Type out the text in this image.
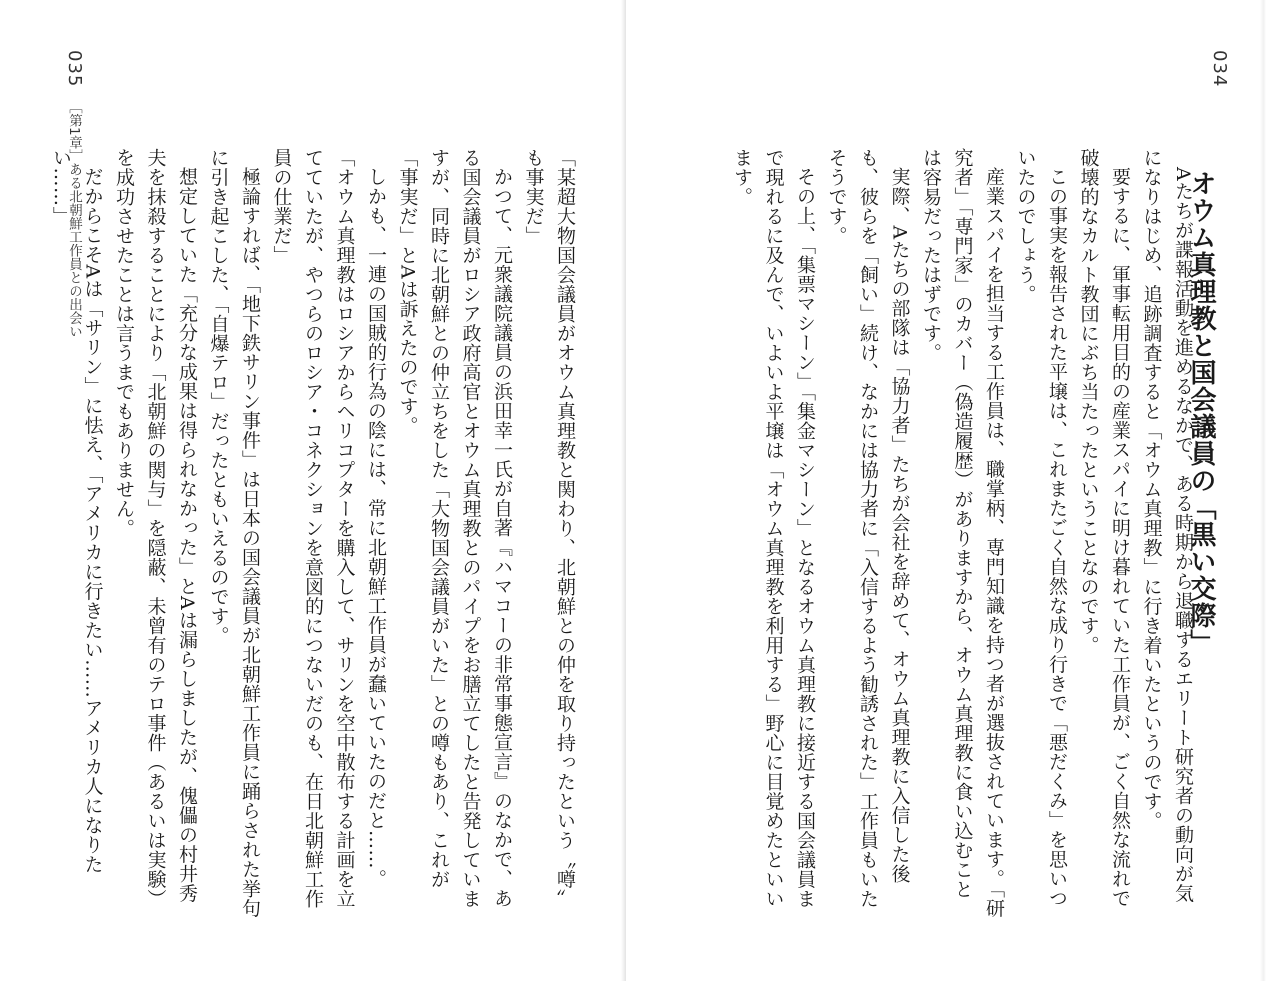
035
［第1章］ある北朝鮮工作員との出会い	「某超大物国会議員がオウム真理教と関わり、北朝鮮との仲を取り持ったという〝噂〟も事実だ」

かつて、元衆議院議員の浜田幸一氏が自著『ハマコーの非常事態宣言』のなかで、ある国会議員がロシア政府高官とオウム真理教とのパイプをお膳立てしたと告発していますが、同時に北朝鮮との仲立ちをした「大物国会議員がいた」との噂もあり、これが「事実だ」とAは訴えたのです。

しかも、一連の国賊的行為の陰には、常に北朝鮮工作員が蠢いていたのだと……。

「オウム真理教はロシアからヘリコプターを購入して、サリンを空中散布する計画を立てていたが、やつらのロシア・コネクションを意図的につないだのも、在日北朝鮮工作員の仕業だ」

極論すれば、「地下鉄サリン事件」は日本の国会議員が北朝鮮工作員に踊らされた挙句に引き起こした、「自爆テロ」だったともいえるのです。

想定していた「充分な成果は得られなかった」とAは漏らしましたが、傀儡の村井秀夫を抹殺することにより「北朝鮮の関与」を隠蔽、未曾有のテロ事件（あるいは実験）を成功させたことは言うまでもありません。

だからこそAは「サリン」に怯え、「アメリカに行きたい……アメリカ人になりたい……」

034
オウム真理教と国会議員の「黒い交際」

Aたちが諜報活動を進めるなかで、ある時期から退職するエリート研究者の動向が気になりはじめ、追跡調査すると「オウム真理教」に行き着いたというのです。

要するに、軍事転用目的の産業スパイに明け暮れていた工作員が、ごく自然な流れで破壊的なカルト教団にぶち当たったということなのです。

この事実を報告された平壌は、これまたごく自然な成り行きで「悪だくみ」を思いついたのでしょう。

産業スパイを担当する工作員は、職掌柄、専門知識を持つ者が選抜されています。「研究者」「専門家」のカバー（偽造履歴）がありますから、オウム真理教に食い込むことは容易だったはずです。

実際、Aたちの部隊は「協力者」たちが会社を辞めて、オウム真理教に入信した後も、彼らを「飼い」続け、なかには協力者に「入信するよう勧誘された」工作員もいたそうです。

その上、「集票マシーン」「集金マシーン」となるオウム真理教に接近する国会議員まで現れるに及んで、いよいよ平壌は「オウム真理教を利用する」野心に目覚めたといいます。
